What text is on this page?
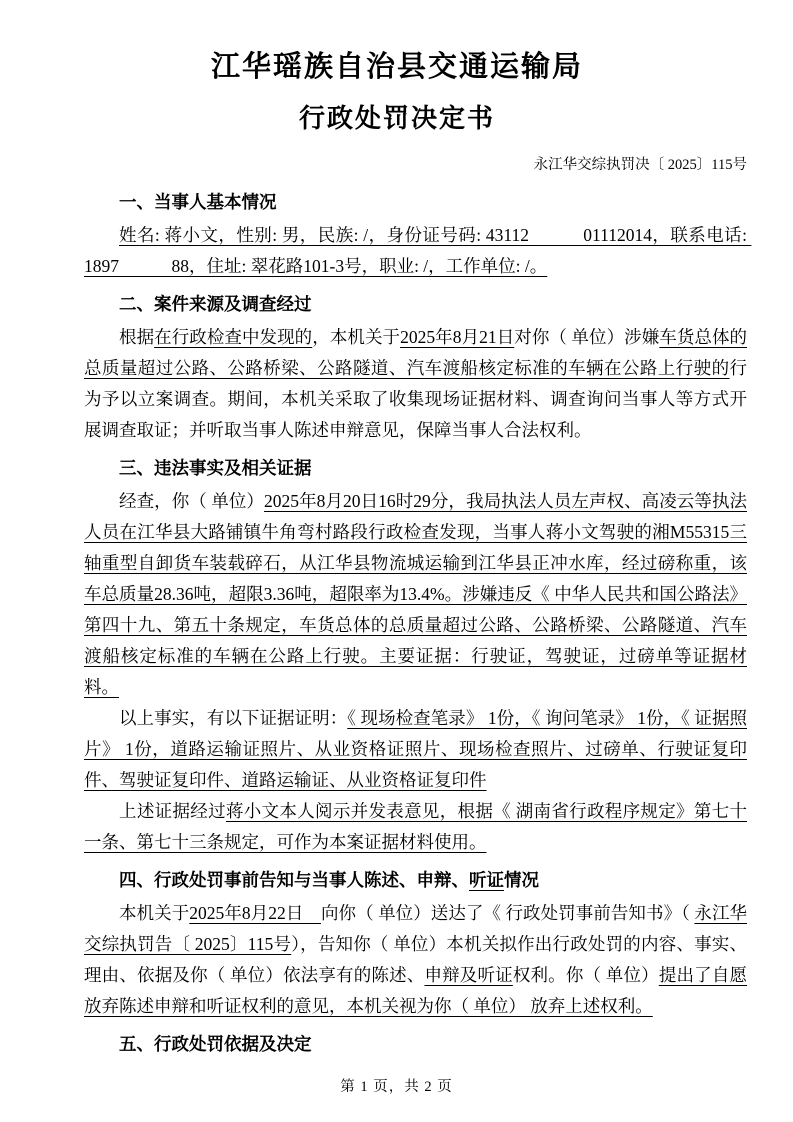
江华瑶族自治县交通运输局
行政处罚决定书
永江华交综执罚决〔 2025〕115号

一、当事人基本情况

姓名: 蒋小文，性别: 男，民族: /，身份证号码: 43112　　　01112014，联系电话: 1897　　　88，住址: 翠花路101-3号，职业: /，工作单位: /。

二、案件来源及调查经过

根据在行政检查中发现的，本机关于2025年8月21日对你（ 单位）涉嫌车货总体的总质量超过公路、公路桥梁、公路隧道、汽车渡船核定标准的车辆在公路上行驶的行为予以立案调查。期间，本机关采取了收集现场证据材料、调查询问当事人等方式开展调查取证；并听取当事人陈述申辩意见，保障当事人合法权利。

三、违法事实及相关证据

经查，你（ 单位）2025年8月20日16时29分，我局执法人员左声权、高凌云等执法人员在江华县大路铺镇牛角弯村路段行政检查发现，当事人蒋小文驾驶的湘M55315三轴重型自卸货车装载碎石，从江华县物流城运输到江华县正冲水库，经过磅称重，该车总质量28.36吨，超限3.36吨，超限率为13.4%。涉嫌违反《 中华人民共和国公路法》第四十九、第五十条规定，车货总体的总质量超过公路、公路桥梁、公路隧道、汽车渡船核定标准的车辆在公路上行驶。主要证据：行驶证，驾驶证，过磅单等证据材料。

以上事实，有以下证据证明：《 现场检查笔录》 1份，《 询问笔录》 1份，《 证据照片》 1份，道路运输证照片、从业资格证照片、现场检查照片、过磅单、行驶证复印件、驾驶证复印件、道路运输证、从业资格证复印件

上述证据经过蒋小文本人阅示并发表意见，根据《 湖南省行政程序规定》第七十一条、第七十三条规定，可作为本案证据材料使用。

四、行政处罚事前告知与当事人陈述、申辩、听证情况

本机关于2025年8月22日　向你（ 单位）送达了《 行政处罚事前告知书》（ 永江华交综执罚告〔 2025〕115号），告知你（ 单位）本机关拟作出行政处罚的内容、事实、理由、依据及你（ 单位）依法享有的陈述、申辩及听证权利。你（ 单位）提出了自愿放弃陈述申辩和听证权利的意见，本机关视为你（ 单位） 放弃上述权利。

五、行政处罚依据及决定

第 1 页，共 2 页
